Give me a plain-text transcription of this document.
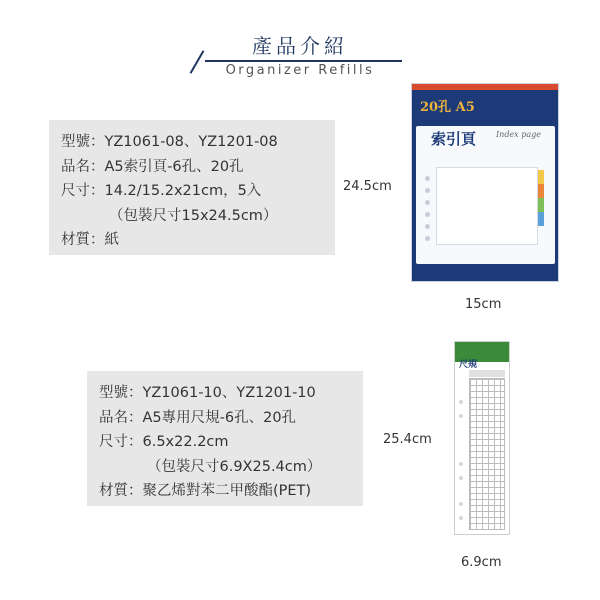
產品介紹
Organizer Refills
型號：YZ1061-08、YZ1201-08
品名：A5索引頁-6孔、20孔
尺寸：14.2/15.2x21cm，5入
（包裝尺寸15x24.5cm）
材質：紙
24.5cm
15cm
20孔 A5
索引頁 Index page
型號：YZ1061-10、YZ1201-10
品名：A5專用尺規-6孔、20孔
尺寸：6.5x22.2cm
（包裝尺寸6.9X25.4cm）
材質：聚乙烯對苯二甲酸酯(PET)
25.4cm
6.9cm
尺規
